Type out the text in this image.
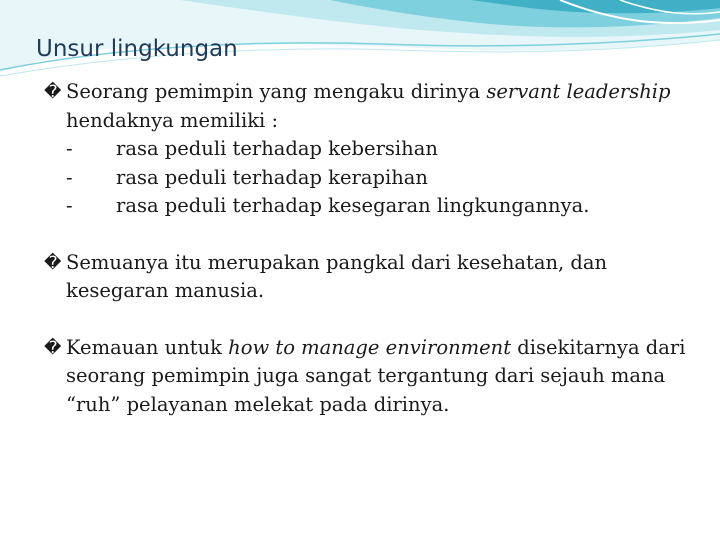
Unsur lingkungan
� Seorang pemimpin yang mengaku dirinya servant leadership hendaknya memiliki :
-	rasa peduli terhadap kebersihan
-	rasa peduli terhadap kerapihan
-	rasa peduli terhadap kesegaran lingkungannya.
� Semuanya itu merupakan pangkal dari kesehatan, dan kesegaran manusia.
� Kemauan untuk how to manage environment disekitarnya dari seorang pemimpin juga sangat tergantung dari sejauh mana “ruh” pelayanan melekat pada dirinya.
